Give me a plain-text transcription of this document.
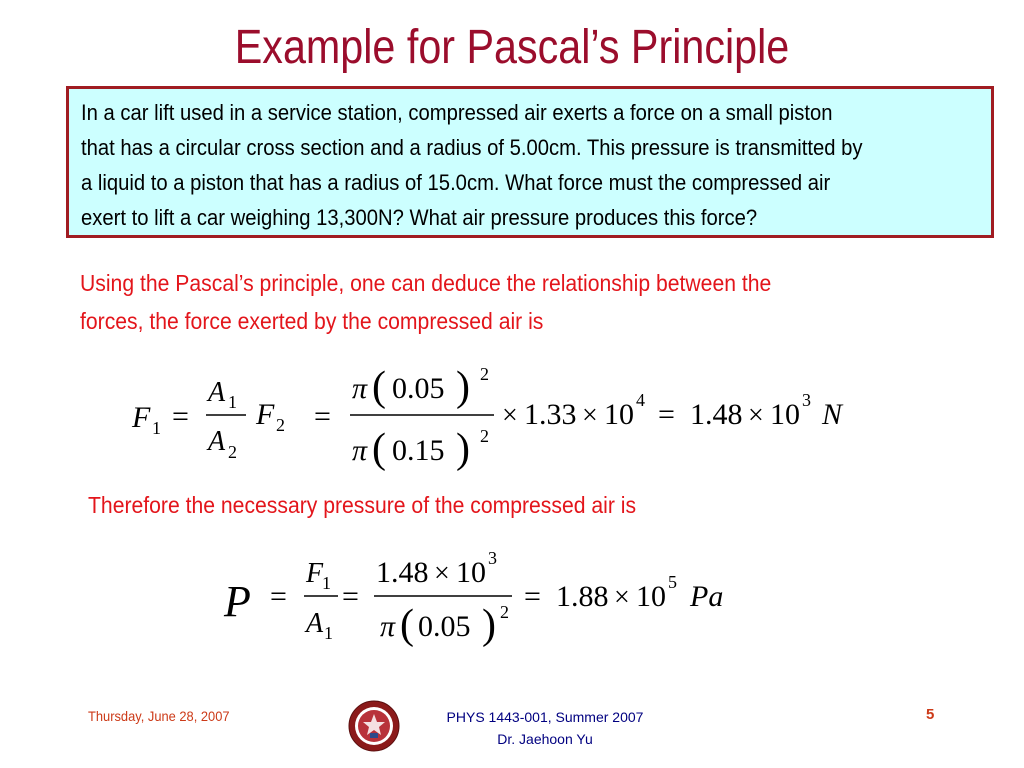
Example for Pascal’s Principle
In a car lift used in a service station, compressed air exerts a force on a small piston
that has a circular cross section and a radius of 5.00cm. This pressure is transmitted by
a liquid to a piston that has a radius of 15.0cm. What force must the compressed air
exert to lift a car weighing 13,300N? What air pressure produces this force?
Using the Pascal’s principle, one can deduce the relationship between the
forces, the force exerted by the compressed air is
F 1 =
A 1
A 2
F 2 =
π ( 0.05 ) 2
π ( 0.15 ) 2
× 1.33 × 10 4 = 1.48 × 10 3 N
Therefore the necessary pressure of the compressed air is
P =
F
1
A 1
=
1.48 × 10 3
π ( 0.05 ) 2 = 1.88 × 10 5 Pa
Thursday, June 28, 2007	PHYS 1443-001, Summer 2007
Dr. Jaehoon Yu
5
